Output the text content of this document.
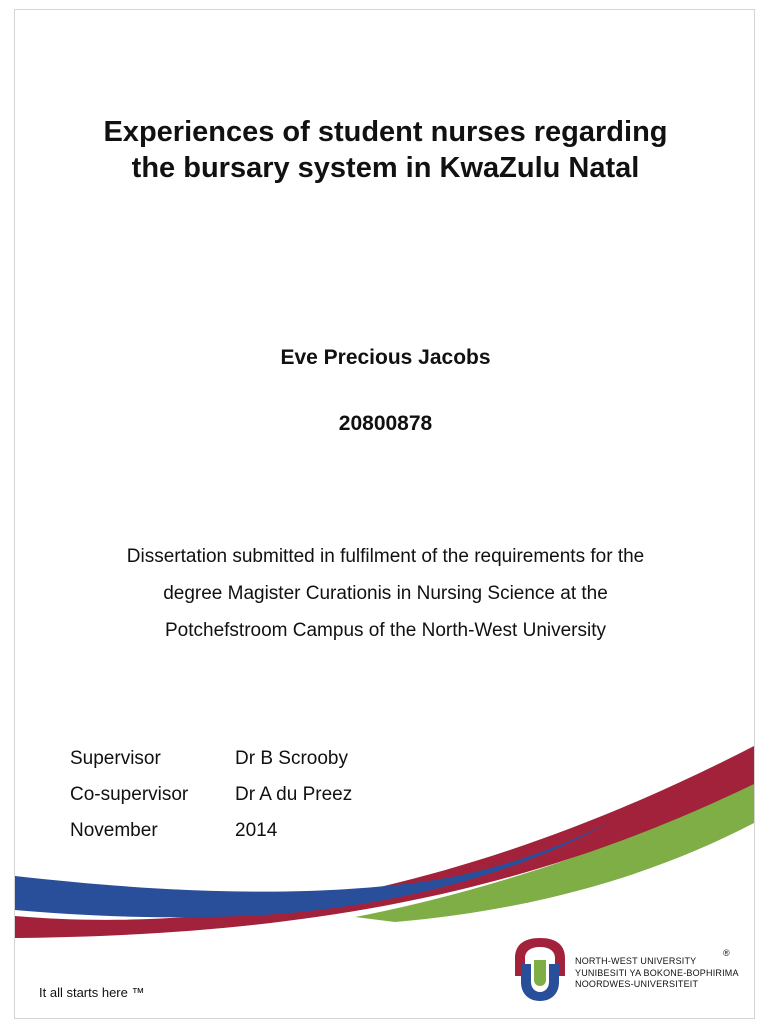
Experiences of student nurses regarding
the bursary system in KwaZulu Natal
Eve Precious Jacobs
20800878
Dissertation submitted in fulfilment of the requirements for the
degree Magister Curationis in Nursing Science at the
Potchefstroom Campus of the North-West University
Supervisor	Dr B Scrooby
Co-supervisor Dr A du Preez
November	2014
It all starts here ™
NORTH-WEST UNIVERSITY
YUNIBESITI YA BOKONE-BOPHIRIMA
NOORDWES-UNIVERSITEIT
®
